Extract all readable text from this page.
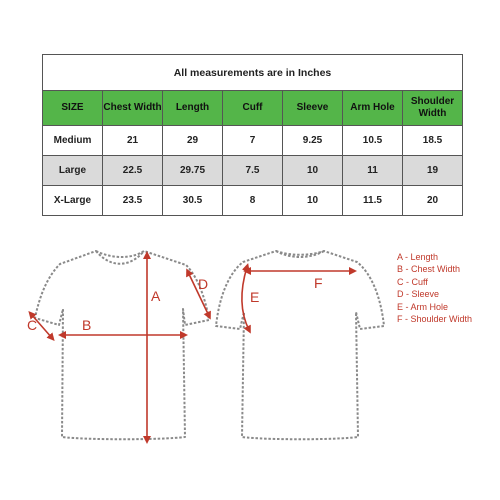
All measurements are in Inches						
SIZE	Chest Width	Length	Cuff	Sleeve	Arm Hole	Shoulder Width
Medium	21	29	7	9.25	10.5	18.5
Large	22.5	29.75	7.5	10	11	19
X-Large	23.5	30.5	8	10	11.5	20
A
B
C
D
E
F
A - Length
B - Chest Width
C - Cuff
D - Sleeve
E - Arm Hole
F - Shoulder Width
